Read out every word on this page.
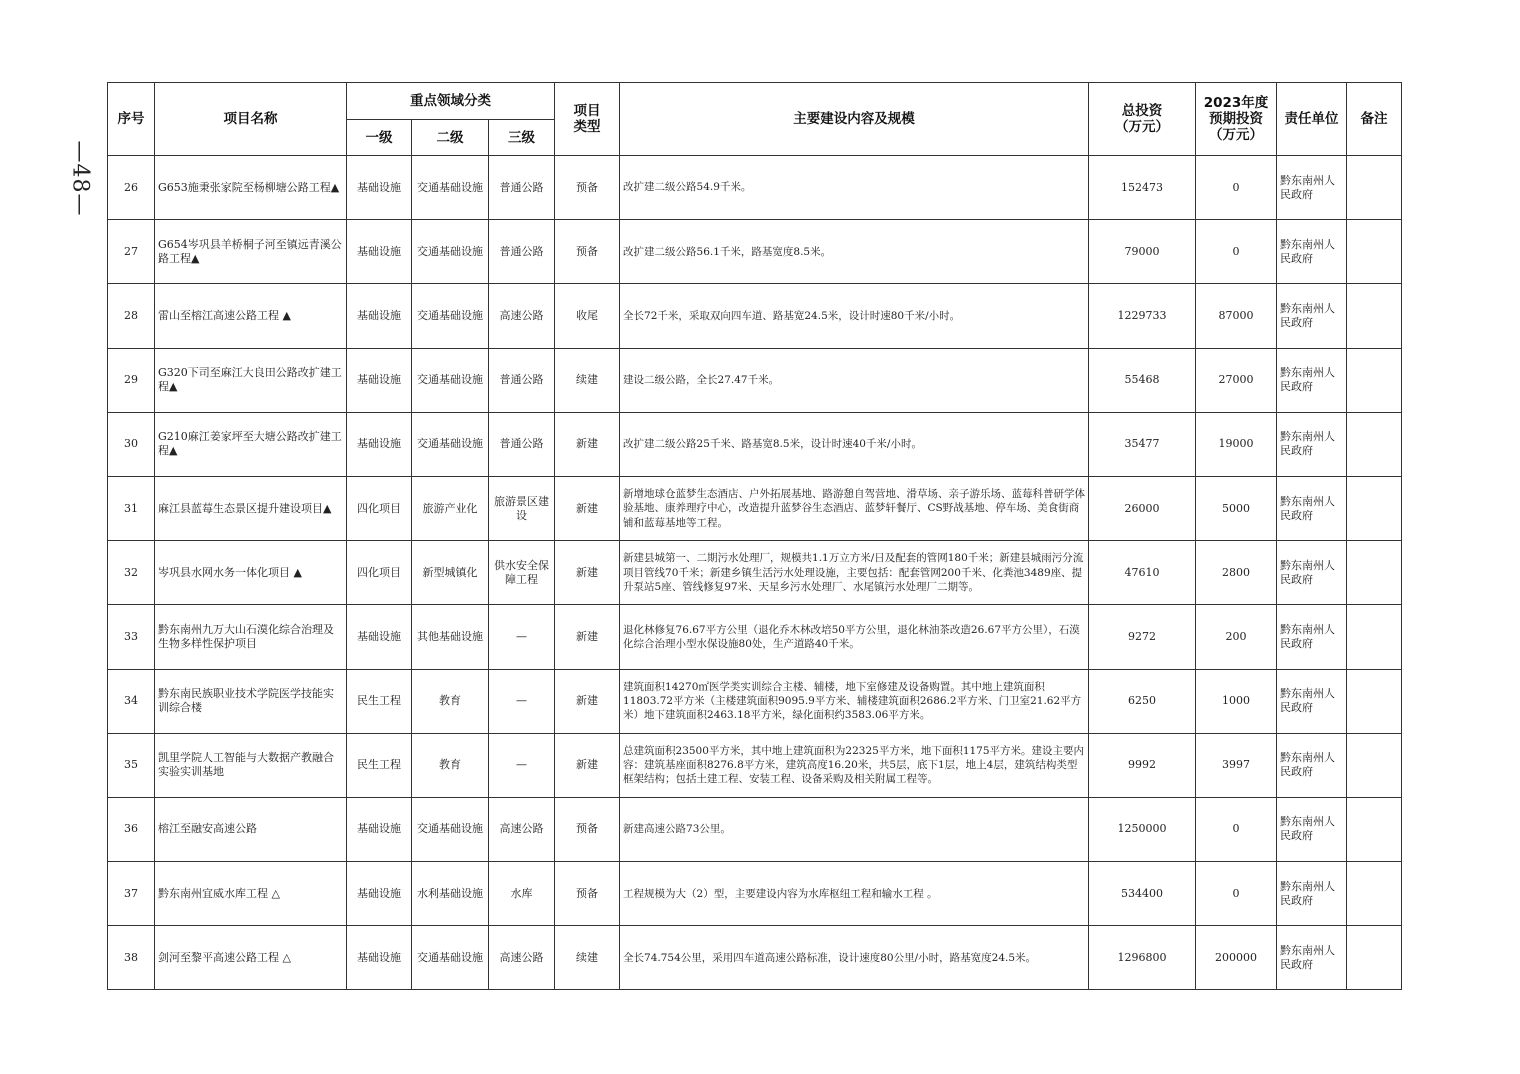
—48—
序号	项目名称	重点领域分类			项目类型	主要建设内容及规模	总投资（万元）	2023年度预期投资（万元）	责任单位	备注
		一级	二级	三级						
26	G653施秉张家院至杨柳塘公路工程▲	基础设施	交通基础设施	普通公路	预备	改扩建二级公路54.9千米。	152473	0	黔东南州人民政府	
27	G654岑巩县羊桥桐子河至镇远青溪公路工程▲	基础设施	交通基础设施	普通公路	预备	改扩建二级公路56.1千米，路基宽度8.5米。	79000	0	黔东南州人民政府	
28	雷山至榕江高速公路工程 ▲	基础设施	交通基础设施	高速公路	收尾	全长72千米，采取双向四车道、路基宽24.5米，设计时速80千米/小时。	1229733	87000	黔东南州人民政府	
29	G320下司至麻江大良田公路改扩建工程▲	基础设施	交通基础设施	普通公路	续建	建设二级公路，全长27.47千米。	55468	27000	黔东南州人民政府	
30	G210麻江姜家坪至大塘公路改扩建工程▲	基础设施	交通基础设施	普通公路	新建	改扩建二级公路25千米、路基宽8.5米，设计时速40千米/小时。	35477	19000	黔东南州人民政府	
31	麻江县蓝莓生态景区提升建设项目▲	四化项目	旅游产业化	旅游景区建设	新建	新增地球仓蓝梦生态酒店、户外拓展基地、路游憩自驾营地、滑草场、亲子游乐场、蓝莓科普研学体验基地、康养理疗中心，改造提升蓝梦谷生态酒店、蓝梦轩餐厅、CS野战基地、停车场、美食街商铺和蓝莓基地等工程。	26000	5000	黔东南州人民政府	
32	岑巩县水网水务一体化项目 ▲	四化项目	新型城镇化	供水安全保障工程	新建	新建县城第一、二期污水处理厂，规模共1.1万立方米/日及配套的管网180千米；新建县城雨污分流项目管线70千米；新建乡镇生活污水处理设施，主要包括：配套管网200千米、化粪池3489座、提升泵站5座、管线修复97米、天星乡污水处理厂、水尾镇污水处理厂二期等。	47610	2800	黔东南州人民政府	
33	黔东南州九万大山石漠化综合治理及生物多样性保护项目	基础设施	其他基础设施	—	新建	退化林修复76.67平方公里（退化乔木林改培50平方公里，退化林油茶改造26.67平方公里），石漠化综合治理小型水保设施80处，生产道路40千米。	9272	200	黔东南州人民政府	
34	黔东南民族职业技术学院医学技能实训综合楼	民生工程	教育	—	新建	建筑面积14270㎡医学类实训综合主楼、辅楼，地下室修建及设备购置。其中地上建筑面积11803.72平方米（主楼建筑面积9095.9平方米、辅楼建筑面积2686.2平方米、门卫室21.62平方米）地下建筑面积2463.18平方米，绿化面积约3583.06平方米。	6250	1000	黔东南州人民政府	
35	凯里学院人工智能与大数据产教融合实验实训基地	民生工程	教育	—	新建	总建筑面积23500平方米，其中地上建筑面积为22325平方米，地下面积1175平方米。建设主要内容：建筑基座面积8276.8平方米，建筑高度16.20米，共5层，底下1层，地上4层，建筑结构类型框架结构；包括土建工程、安装工程、设备采购及相关附属工程等。	9992	3997	黔东南州人民政府	
36	榕江至融安高速公路	基础设施	交通基础设施	高速公路	预备	新建高速公路73公里。	1250000	0	黔东南州人民政府	
37	黔东南州宜威水库工程 △	基础设施	水利基础设施	水库	预备	工程规模为大（2）型，主要建设内容为水库枢纽工程和输水工程 。	534400	0	黔东南州人民政府	
38	剑河至黎平高速公路工程 △	基础设施	交通基础设施	高速公路	续建	全长74.754公里，采用四车道高速公路标准，设计速度80公里/小时，路基宽度24.5米。	1296800	200000	黔东南州人民政府	
